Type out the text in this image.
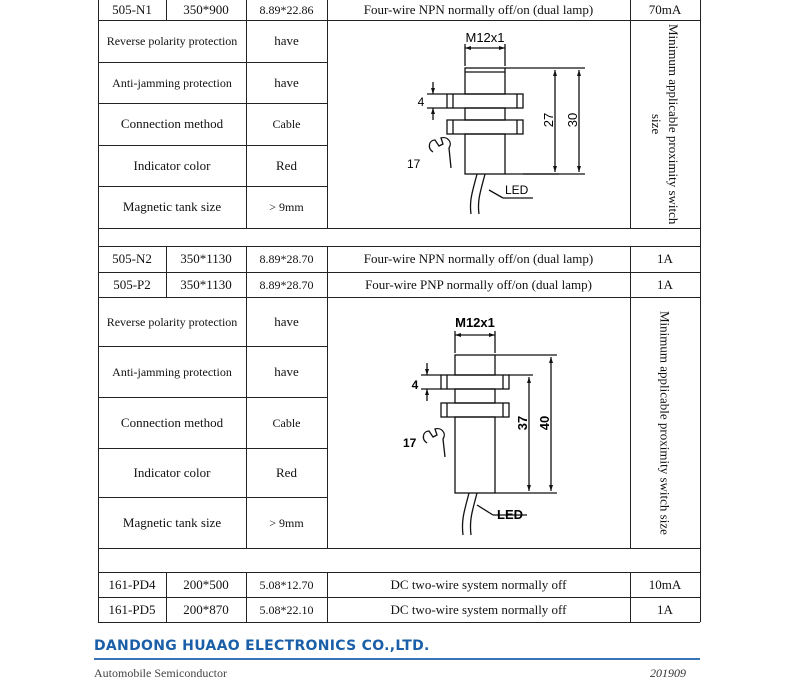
505-N1	350*900	8.89*22.86	Four-wire NPN normally off/on (dual lamp)	70mA
Reverse polarity protection	have
Anti-jamming protection	have
Connection method	Cable
Indicator color	Red
Magnetic tank size	> 9mm	Minimum applicable proximity switch size
M12x1
4
27 30
17
LED
505-N2	350*1130	8.89*28.70	Four-wire NPN normally off/on (dual lamp)	1A
505-P2	350*1130	8.89*28.70	Four-wire PNP normally off/on (dual lamp)	1A
Reverse polarity protection	have
Anti-jamming protection	have
Connection method	Cable
Indicator color	Red
Magnetic tank size	> 9mm	Minimum applicable proximity switch size
M12x1
4
37 40
17
LED
161-PD4	200*500	5.08*12.70	DC two-wire system normally off	10mA
161-PD5	200*870	5.08*22.10	DC two-wire system normally off	1A
DANDONG HUAAO ELECTRONICS CO.,LTD.
Automobile Semiconductor	201909
